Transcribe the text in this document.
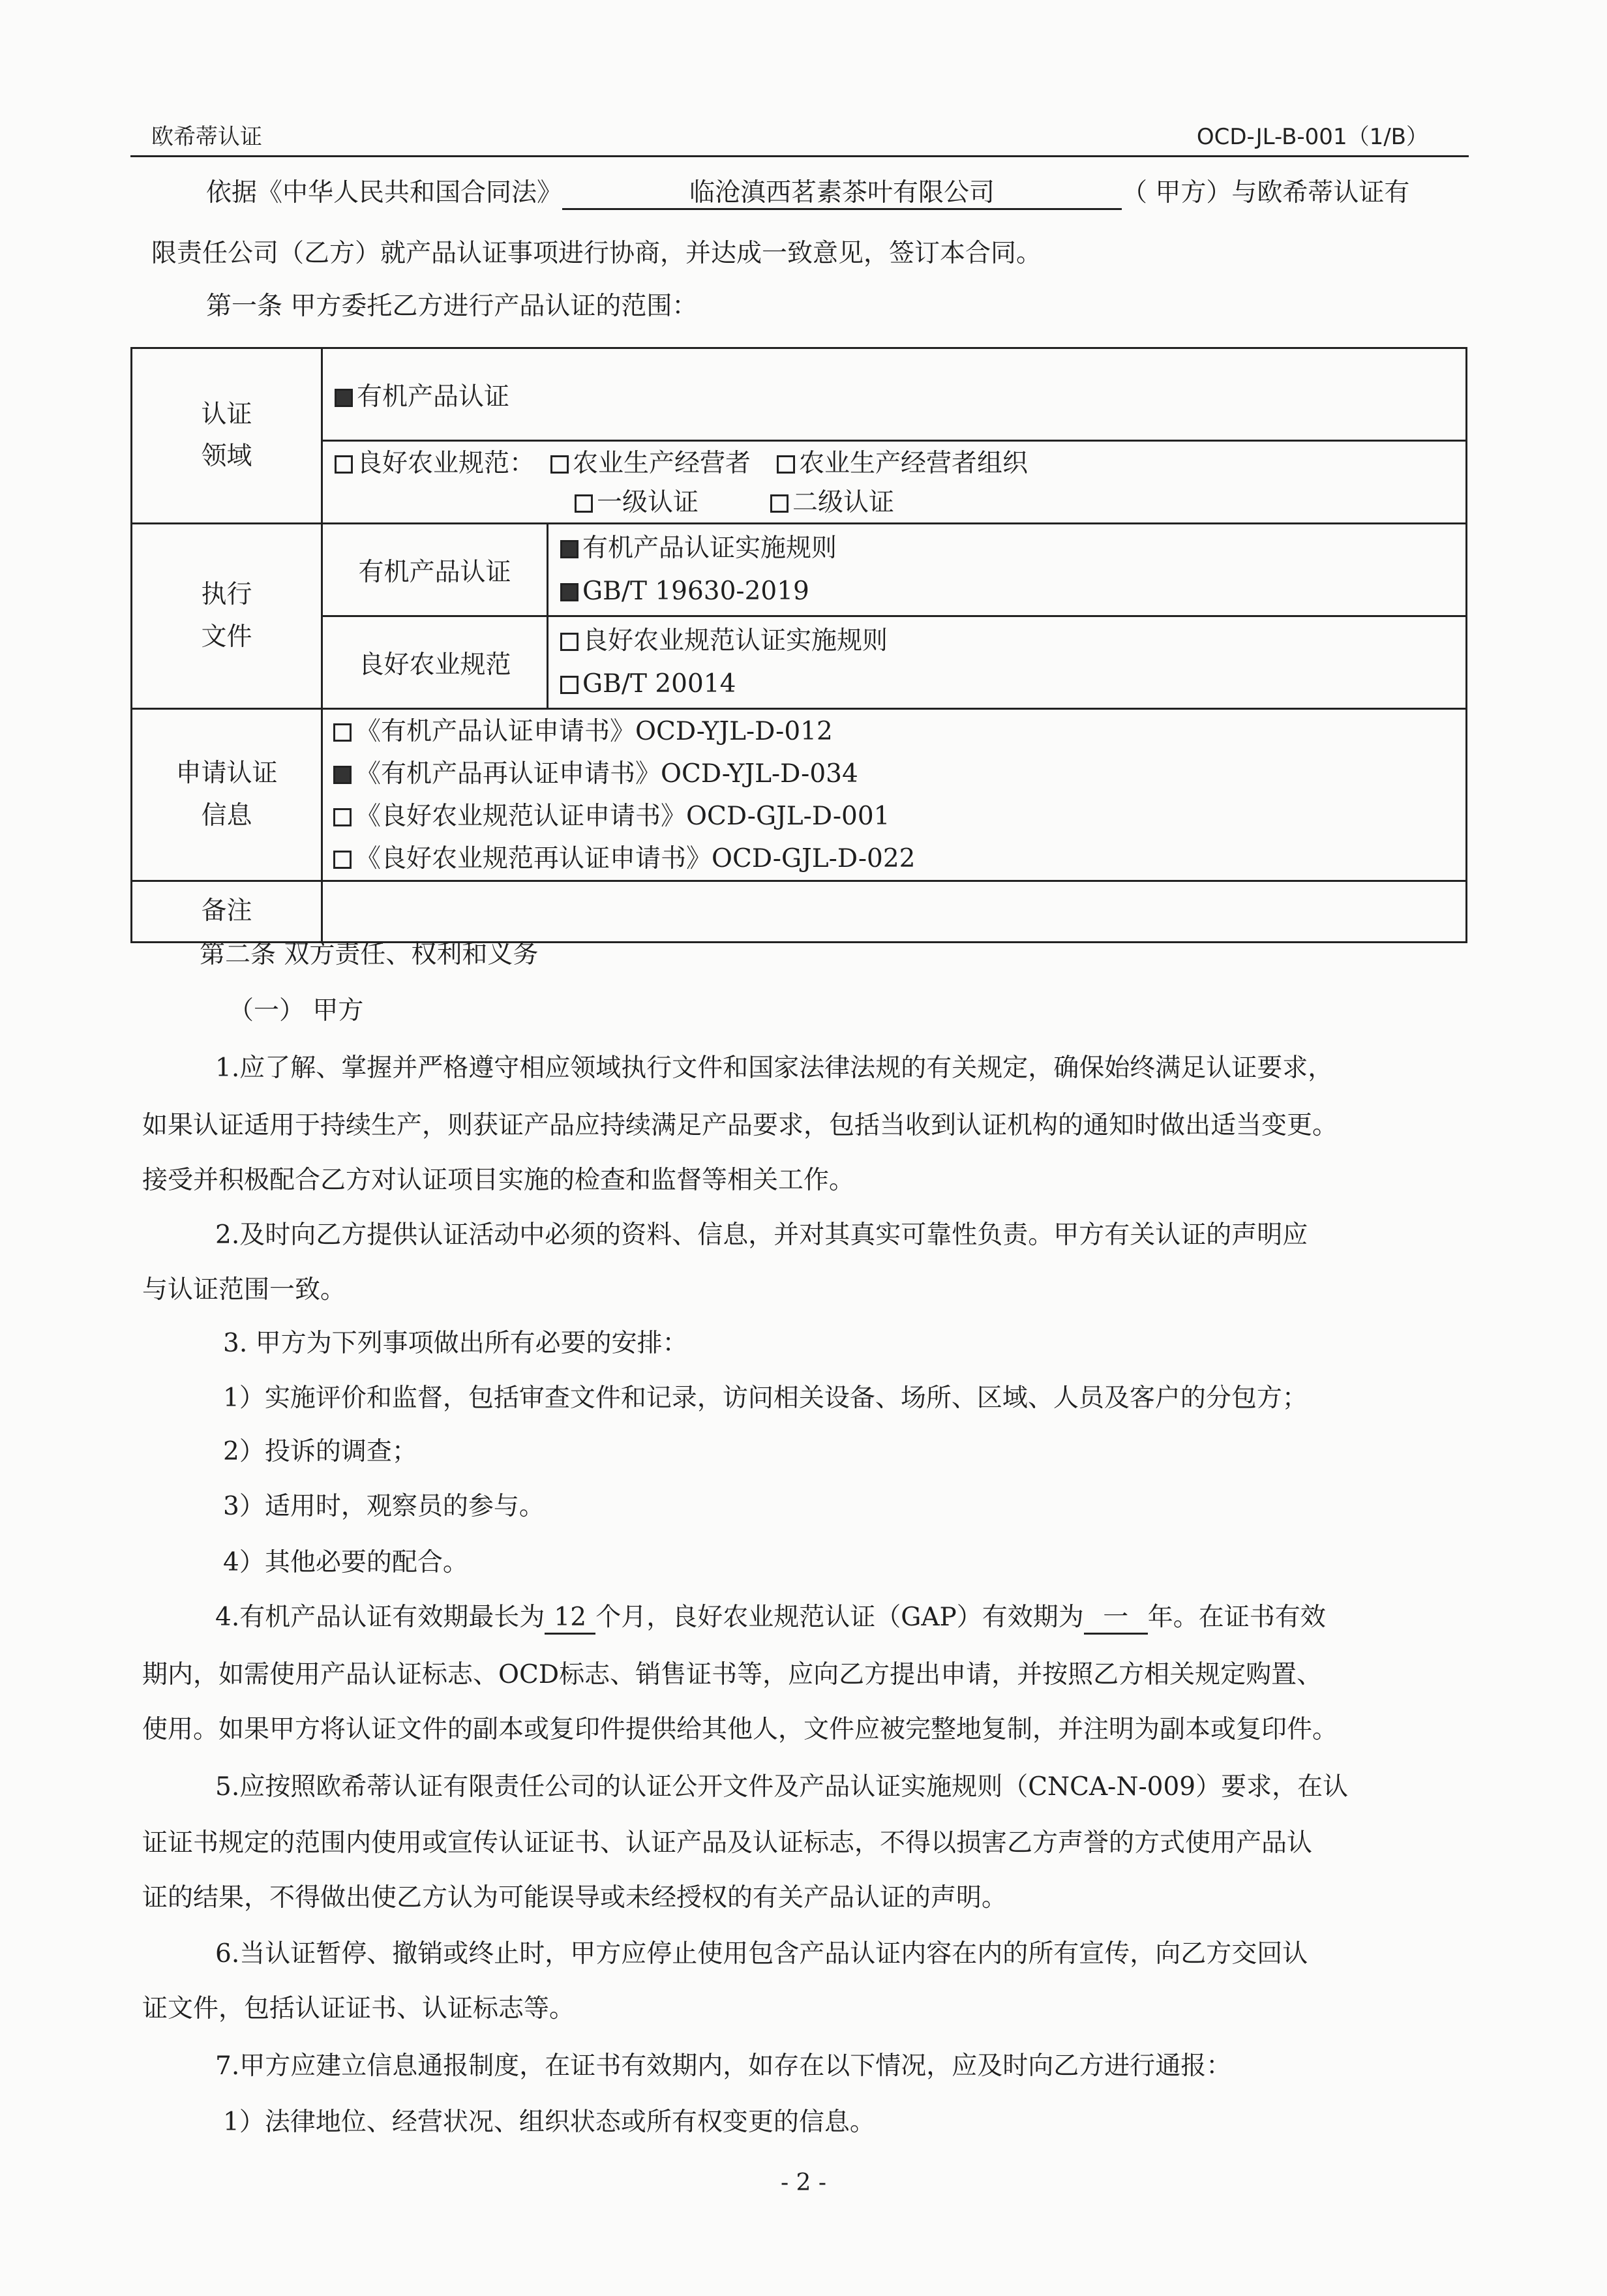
欧希蒂认证	OCD-JL-B-001（1/B）
依据《中华人民共和国合同法》	临沧滇西茗素茶叶有限公司	（ 甲方）与欧希蒂认证有
限责任公司（乙方）就产品认证事项进行协商，并达成一致意见，签订本合同。
第一条 甲方委托乙方进行产品认证的范围：
认证
领域	有机产品认证	

	良好农业规范： 农业生产经营者 农业生产经营者组织
一级认证 二级认证	

执行
文件	有机产品认证	有机产品认证实施规则
GB/T 19630-2019

	良好农业规范	良好农业规范认证实施规则
GB/T 20014

申请认证
信息	《有机产品认证申请书》OCD-YJL-D-012
《有机产品再认证申请书》OCD-YJL-D-034
《良好农业规范认证申请书》OCD-GJL-D-001
《良好农业规范再认证申请书》OCD-GJL-D-022	

备注		
第二条 双方责任、权利和义务
（一） 甲方
1.应了解、掌握并严格遵守相应领域执行文件和国家法律法规的有关规定，确保始终满足认证要求，
如果认证适用于持续生产，则获证产品应持续满足产品要求，包括当收到认证机构的通知时做出适当变更。
接受并积极配合乙方对认证项目实施的检查和监督等相关工作。
2.及时向乙方提供认证活动中必须的资料、信息，并对其真实可靠性负责。甲方有关认证的声明应
与认证范围一致。
3. 甲方为下列事项做出所有必要的安排：
1）实施评价和监督，包括审查文件和记录，访问相关设备、场所、区域、人员及客户的分包方；
2）投诉的调查；
3）适用时，观察员的参与。
4）其他必要的配合。
4.有机产品认证有效期最长为 12 个月，良好农业规范认证（GAP）有效期为 一 年。在证书有效
期内，如需使用产品认证标志、OCD标志、销售证书等，应向乙方提出申请，并按照乙方相关规定购置、
使用。如果甲方将认证文件的副本或复印件提供给其他人，文件应被完整地复制，并注明为副本或复印件。
5.应按照欧希蒂认证有限责任公司的认证公开文件及产品认证实施规则（CNCA-N-009）要求，在认
证证书规定的范围内使用或宣传认证证书、认证产品及认证标志，不得以损害乙方声誉的方式使用产品认
证的结果，不得做出使乙方认为可能误导或未经授权的有关产品认证的声明。
6.当认证暂停、撤销或终止时，甲方应停止使用包含产品认证内容在内的所有宣传，向乙方交回认
证文件，包括认证证书、认证标志等。
7.甲方应建立信息通报制度，在证书有效期内，如存在以下情况，应及时向乙方进行通报：
1）法律地位、经营状况、组织状态或所有权变更的信息。
- 2 -
